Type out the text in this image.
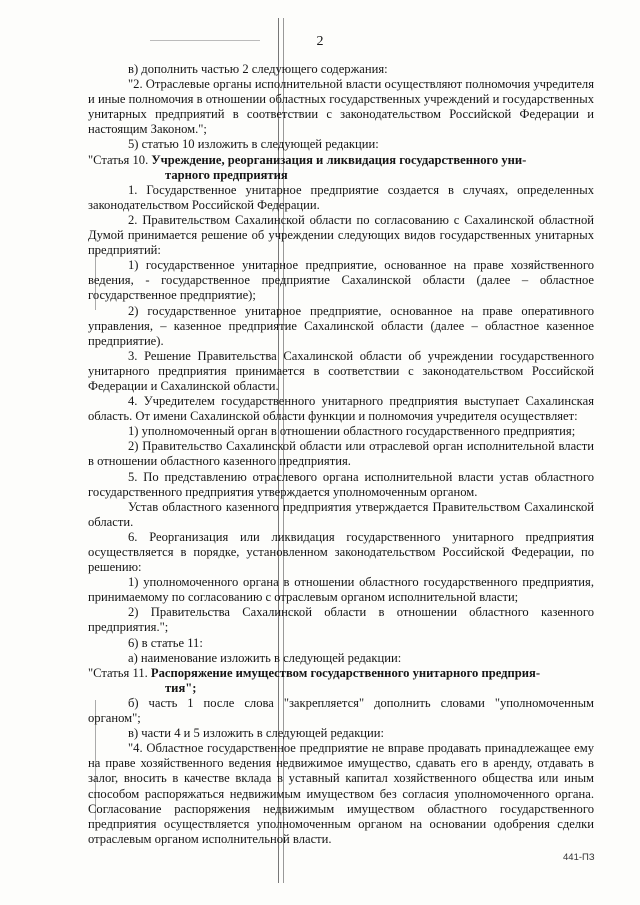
2

в) дополнить частью 2 следующего содержания:

"2. Отраслевые органы исполнительной власти осуществляют полномочия учредителя и иные полномочия в отношении областных государственных учреждений и государственных унитарных предприятий в соответствии с законодательством Российской Федерации и настоящим Законом.";

5) статью 10 изложить в следующей редакции:

"Статья 10. Учреждение, реорганизация и ликвидация государственного уни-
тарного предприятия

1. Государственное унитарное предприятие создается в случаях, определенных законодательством Российской Федерации.

2. Правительством Сахалинской области по согласованию с Сахалинской областной Думой принимается решение об учреждении следующих видов государственных унитарных предприятий:

1) государственное унитарное предприятие, основанное на праве хозяйственного ведения, - государственное предприятие Сахалинской области (далее – областное государственное предприятие);

2) государственное унитарное предприятие, основанное на праве оперативного управления, – казенное предприятие Сахалинской области (далее – областное казенное предприятие).

3. Решение Правительства Сахалинской области об учреждении государственного унитарного предприятия принимается в соответствии с законодательством Российской Федерации и Сахалинской области.

4. Учредителем государственного унитарного предприятия выступает Сахалинская область. От имени Сахалинской области функции и полномочия учредителя осуществляет:

1) уполномоченный орган в отношении областного государственного предприятия;

2) Правительство Сахалинской области или отраслевой орган исполнительной власти в отношении областного казенного предприятия.

5. По представлению отраслевого органа исполнительной власти устав областного государственного предприятия утверждается уполномоченным органом.

Устав областного казенного предприятия утверждается Правительством Сахалинской области.

6. Реорганизация или ликвидация государственного унитарного предприятия осуществляется в порядке, установленном законодательством Российской Федерации, по решению:

1) уполномоченного органа в отношении областного государственного предприятия, принимаемому по согласованию с отраслевым органом исполнительной власти;

2) Правительства Сахалинской области в отношении областного казенного предприятия.";

6) в статье 11:

а) наименование изложить в следующей редакции:

"Статья 11. Распоряжение имуществом государственного унитарного предприя-
тия";

б) часть 1 после слова "закрепляется" дополнить словами "уполномоченным органом";

в) части 4 и 5 изложить в следующей редакции:

"4. Областное государственное предприятие не вправе продавать принадлежащее ему на праве хозяйственного ведения недвижимое имущество, сдавать его в аренду, отдавать в залог, вносить в качестве вклада в уставный капитал хозяйственного общества или иным способом распоряжаться недвижимым имуществом без согласия уполномоченного органа. Согласование распоряжения недвижимым имуществом областного государственного предприятия осуществляется уполномоченным органом на основании одобрения сделки отраслевым органом исполнительной власти.

441-ПЗ
